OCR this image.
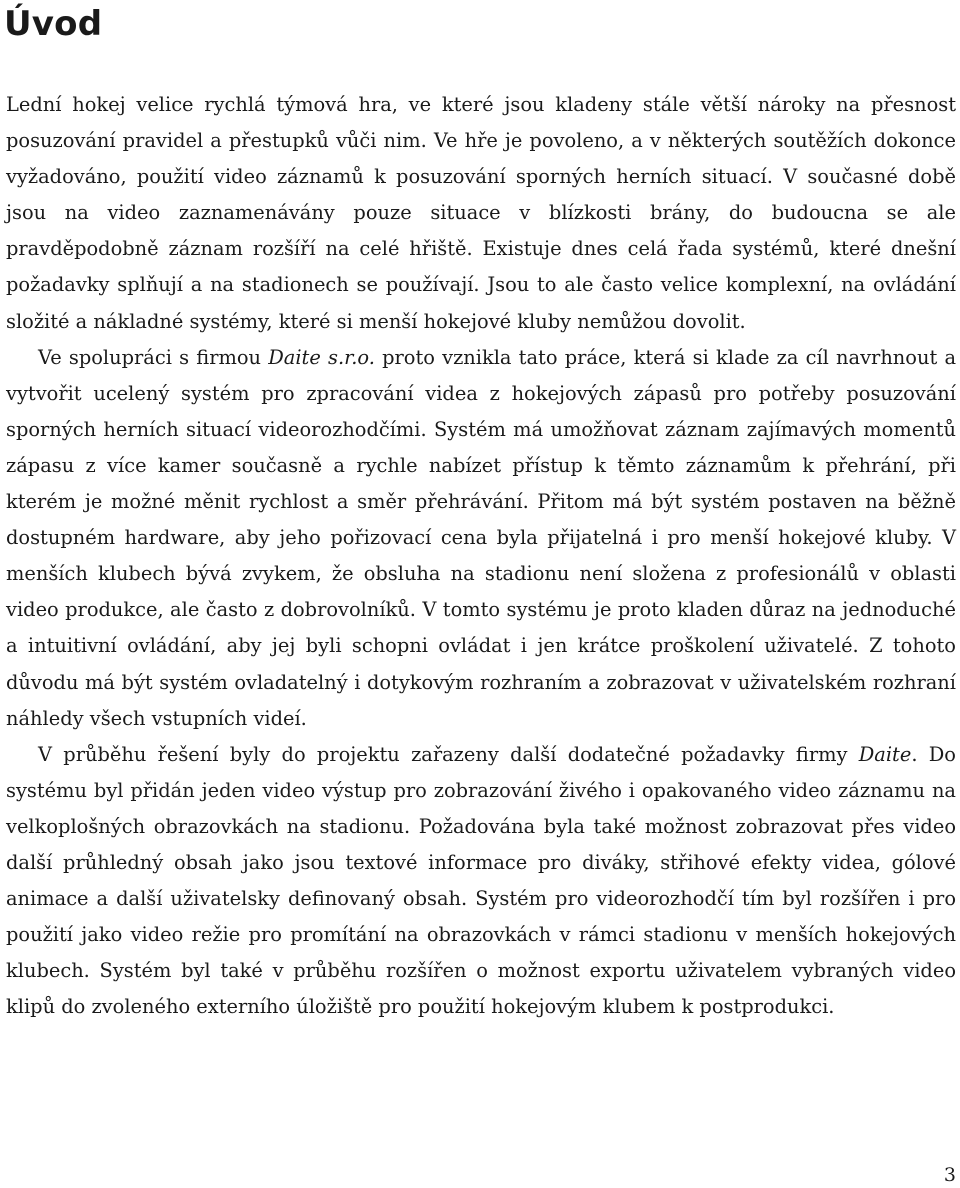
Úvod

Lední hokej velice rychlá týmová hra, ve které jsou kladeny stále větší nároky na přesnost posuzování pravidel a přestupků vůči nim. Ve hře je povoleno, a v některých soutěžích dokonce vyžadováno, použití video záznamů k posuzování sporných herních situací. V současné době jsou na video zaznamenávány pouze situace v blízkosti brány, do budoucna se ale pravděpodobně záznam rozšíří na celé hřiště. Existuje dnes celá řada systémů, které dnešní požadavky splňují a na stadionech se používají. Jsou to ale často velice komplexní, na ovládání složité a nákladné systémy, které si menší hokejové kluby nemůžou dovolit.

Ve spolupráci s firmou Daite s.r.o. proto vznikla tato práce, která si klade za cíl navrhnout a vytvořit ucelený systém pro zpracování videa z hokejových zápasů pro potřeby posuzování sporných herních situací videorozhodčími. Systém má umožňovat záznam zajímavých momentů zápasu z více kamer současně a rychle nabízet přístup k těmto záznamům k přehrání, při kterém je možné měnit rychlost a směr přehrávání. Přitom má být systém postaven na běžně dostupném hardware, aby jeho pořizovací cena byla přijatelná i pro menší hokejové kluby. V menších klubech bývá zvykem, že obsluha na stadionu není složena z profesionálů v oblasti video produkce, ale často z dobrovolníků. V tomto systému je proto kladen důraz na jednoduché a intuitivní ovládání, aby jej byli schopni ovládat i jen krátce proškolení uživatelé. Z tohoto důvodu má být systém ovladatelný i dotykovým rozhraním a zobrazovat v uživatelském rozhraní náhledy všech vstupních videí.

V průběhu řešení byly do projektu zařazeny další dodatečné požadavky firmy Daite. Do systému byl přidán jeden video výstup pro zobrazování živého i opakovaného video záznamu na velkoplošných obrazovkách na stadionu. Požadována byla také možnost zobrazovat přes video další průhledný obsah jako jsou textové informace pro diváky, střihové efekty videa, gólové animace a další uživatelsky definovaný obsah. Systém pro videorozhodčí tím byl rozšířen i pro použití jako video režie pro promítání na obrazovkách v rámci stadionu v menších hokejových klubech. Systém byl také v průběhu rozšířen o možnost exportu uživatelem vybraných video klipů do zvoleného externího úložiště pro použití hokejovým klubem k postprodukci.

3
